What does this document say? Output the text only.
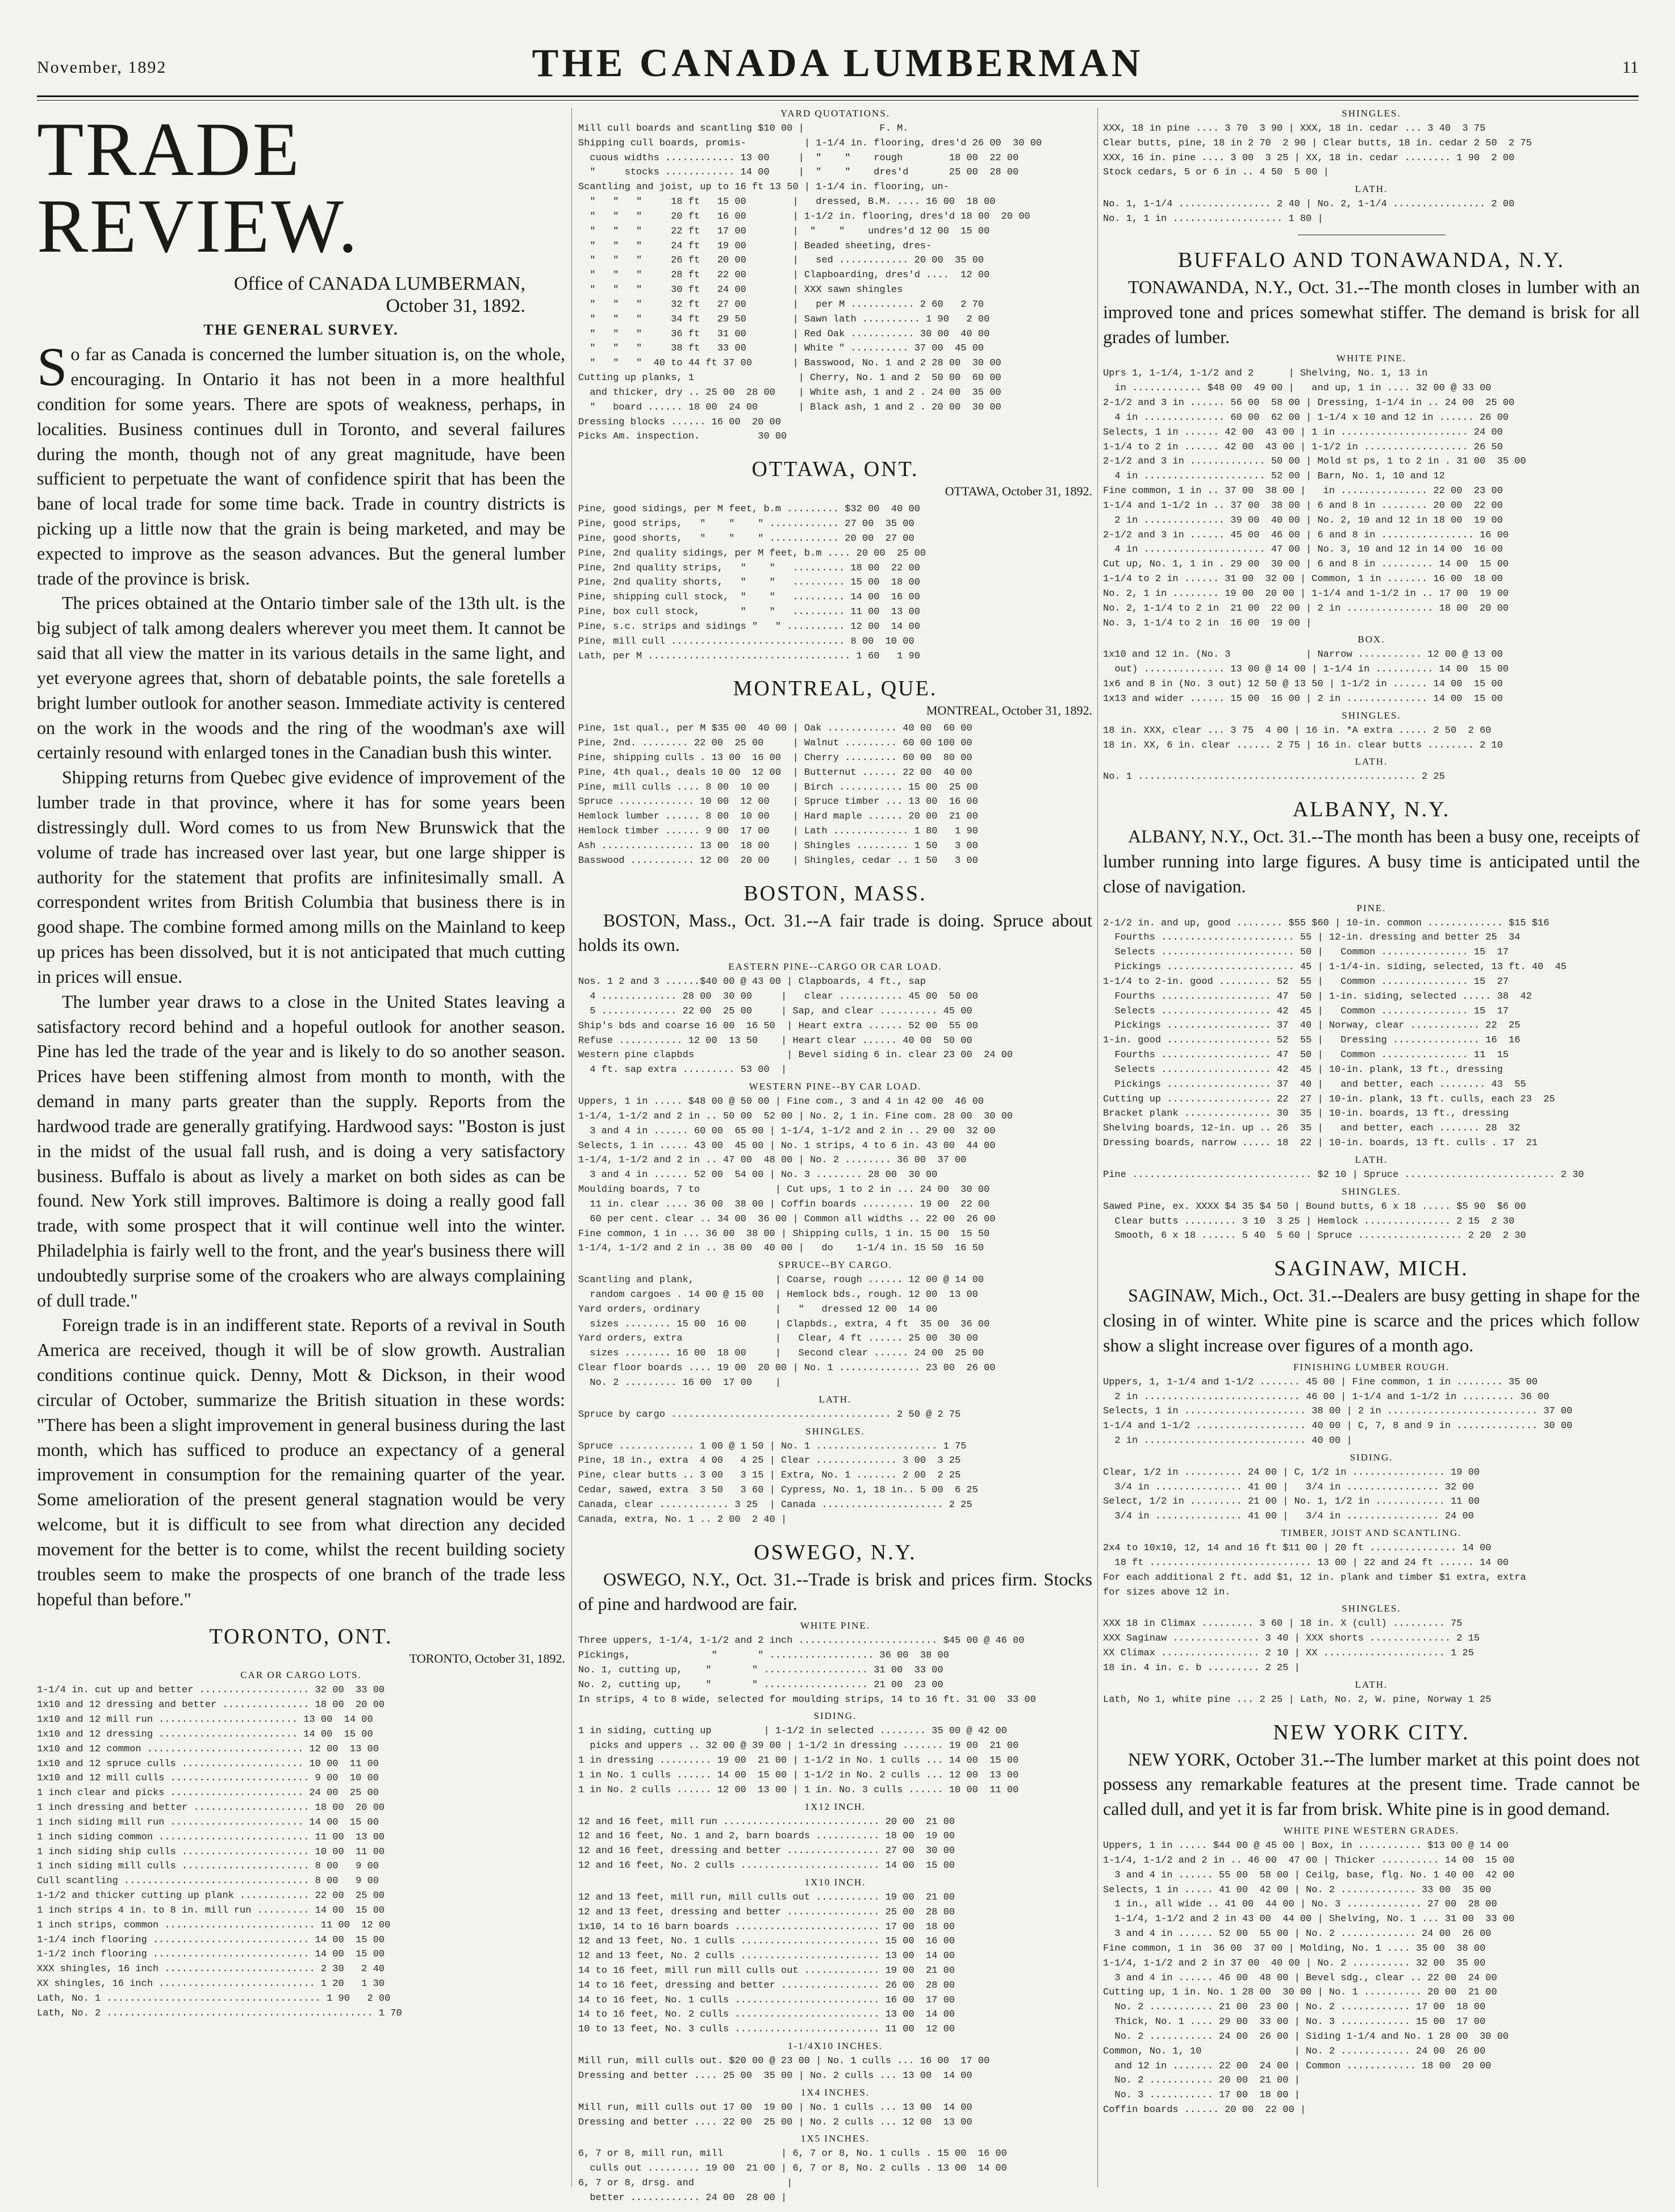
November, 1892	THE CANADA LUMBERMAN	11
TRADE REVIEW.
Office of CANADA LUMBERMAN,
October 31, 1892.
THE GENERAL SURVEY.

So far as Canada is concerned the lumber situation is, on the whole, encouraging. In Ontario it has not been in a more healthful condition for some years. There are spots of weakness, perhaps, in localities. Business continues dull in Toronto, and several failures during the month, though not of any great magnitude, have been sufficient to perpetuate the want of confidence spirit that has been the bane of local trade for some time back. Trade in country districts is picking up a little now that the grain is being marketed, and may be expected to improve as the season advances. But the general lumber trade of the province is brisk.

The prices obtained at the Ontario timber sale of the 13th ult. is the big subject of talk among dealers wherever you meet them. It cannot be said that all view the matter in its various details in the same light, and yet everyone agrees that, shorn of debatable points, the sale foretells a bright lumber outlook for another season. Immediate activity is centered on the work in the woods and the ring of the woodman's axe will certainly resound with enlarged tones in the Canadian bush this winter.

Shipping returns from Quebec give evidence of improvement of the lumber trade in that province, where it has for some years been distressingly dull. Word comes to us from New Brunswick that the volume of trade has increased over last year, but one large shipper is authority for the statement that profits are infinitesimally small. A correspondent writes from British Columbia that business there is in good shape. The combine formed among mills on the Mainland to keep up prices has been dissolved, but it is not anticipated that much cutting in prices will ensue.

The lumber year draws to a close in the United States leaving a satisfactory record behind and a hopeful outlook for another season. Pine has led the trade of the year and is likely to do so another season. Prices have been stiffening almost from month to month, with the demand in many parts greater than the supply. Reports from the hardwood trade are generally gratifying. Hardwood says: "Boston is just in the midst of the usual fall rush, and is doing a very satisfactory business. Buffalo is about as lively a market on both sides as can be found. New York still improves. Baltimore is doing a really good fall trade, with some prospect that it will continue well into the winter. Philadelphia is fairly well to the front, and the year's business there will undoubtedly surprise some of the croakers who are always complaining of dull trade."

Foreign trade is in an indifferent state. Reports of a revival in South America are received, though it will be of slow growth. Australian conditions continue quick. Denny, Mott & Dickson, in their wood circular of October, summarize the British situation in these words: "There has been a slight improvement in general business during the last month, which has sufficed to produce an expectancy of a general improvement in consumption for the remaining quarter of the year. Some amelioration of the present general stagnation would be very welcome, but it is difficult to see from what direction any decided movement for the better is to come, whilst the recent building society troubles seem to make the prospects of one branch of the trade less hopeful than before."

TORONTO, ONT.
TORONTO, October 31, 1892.
CAR OR CARGO LOTS.
1-1/4 in. cut up and better ................... 32 00  33 00
1x10 and 12 dressing and better ............... 18 00  20 00
1x10 and 12 mill run ........................ 13 00  14 00
1x10 and 12 dressing ........................ 14 00  15 00
1x10 and 12 common ........................... 12 00  13 00
1x10 and 12 spruce culls ..................... 10 00  11 00
1x10 and 12 mill culls ........................ 9 00  10 00
1 inch clear and picks ....................... 24 00  25 00
1 inch dressing and better .................... 18 00  20 00
1 inch siding mill run ....................... 14 00  15 00
1 inch siding common .......................... 11 00  13 00
1 inch siding ship culls ...................... 10 00  11 00
1 inch siding mill culls ...................... 8 00   9 00
Cull scantling ................................ 8 00   9 00
1-1/2 and thicker cutting up plank ............ 22 00  25 00
1 inch strips 4 in. to 8 in. mill run ......... 14 00  15 00
1 inch strips, common .......................... 11 00  12 00
1-1/4 inch flooring ........................... 14 00  15 00
1-1/2 inch flooring ........................... 14 00  15 00
XXX shingles, 16 inch .......................... 2 30   2 40
XX shingles, 16 inch ........................... 1 20   1 30
Lath, No. 1 ..................................... 1 90   2 00
Lath, No. 2 .............................................. 1 70
YARD QUOTATIONS.
Mill cull boards and scantling $10 00 |             F. M.
Shipping cull boards, promis-          | 1-1/4 in. flooring, dres'd 26 00  30 00
cuous widths ............ 13 00     |  "    "    rough        18 00  22 00
"     stocks ............ 14 00     |  "    "    dres'd       25 00  28 00
Scantling and joist, up to 16 ft 13 50 | 1-1/4 in. flooring, un-
"   "   "     18 ft   15 00        |   dressed, B.M. .... 16 00  18 00
"   "   "     20 ft   16 00        | 1-1/2 in. flooring, dres'd 18 00  20 00
"   "   "     22 ft   17 00        |  "    "    undres'd 12 00  15 00
"   "   "     24 ft   19 00        | Beaded sheeting, dres-
"   "   "     26 ft   20 00        |   sed ............ 20 00  35 00
"   "   "     28 ft   22 00        | Clapboarding, dres'd ....  12 00
"   "   "     30 ft   24 00        | XXX sawn shingles
"   "   "     32 ft   27 00        |   per M ........... 2 60   2 70
"   "   "     34 ft   29 50        | Sawn lath .......... 1 90   2 00
"   "   "     36 ft   31 00        | Red Oak ........... 30 00  40 00
"   "   "     38 ft   33 00        | White " .......... 37 00  45 00
"   "   "  40 to 44 ft 37 00       | Basswood, No. 1 and 2 28 00  30 00
Cutting up planks, 1                  | Cherry, No. 1 and 2  50 00  60 00
and thicker, dry .. 25 00  28 00    | White ash, 1 and 2 . 24 00  35 00
"   board ...... 18 00  24 00       | Black ash, 1 and 2 . 20 00  30 00
Dressing blocks ...... 16 00  20 00
Picks Am. inspection.          30 00
OTTAWA, ONT.
OTTAWA, October 31, 1892.
Pine, good sidings, per M feet, b.m ......... $32 00  40 00
Pine, good strips,   "    "    " ............ 27 00  35 00
Pine, good shorts,   "    "    " ............ 20 00  27 00
Pine, 2nd quality sidings, per M feet, b.m .... 20 00  25 00
Pine, 2nd quality strips,   "    "   ......... 18 00  22 00
Pine, 2nd quality shorts,   "    "   ......... 15 00  18 00
Pine, shipping cull stock,  "    "   ......... 14 00  16 00
Pine, box cull stock,       "    "   ......... 11 00  13 00
Pine, s.c. strips and sidings "   " .......... 12 00  14 00
Pine, mill cull .............................. 8 00  10 00
Lath, per M ................................... 1 60   1 90
MONTREAL, QUE.
MONTREAL, October 31, 1892.
Pine, 1st qual., per M $35 00  40 00 | Oak ............ 40 00  60 00
Pine, 2nd. ........ 22 00  25 00     | Walnut ......... 60 00 100 00
Pine, shipping culls . 13 00  16 00  | Cherry ......... 60 00  80 00
Pine, 4th qual., deals 10 00  12 00  | Butternut ...... 22 00  40 00
Pine, mill culls .... 8 00  10 00    | Birch ........... 15 00  25 00
Spruce ............. 10 00  12 00    | Spruce timber ... 13 00  16 00
Hemlock lumber ...... 8 00  10 00    | Hard maple ...... 20 00  21 00
Hemlock timber ...... 9 00  17 00    | Lath ............. 1 80   1 90
Ash ................ 13 00  18 00    | Shingles ......... 1 50   3 00
Basswood ........... 12 00  20 00    | Shingles, cedar .. 1 50   3 00
BOSTON, MASS.

BOSTON, Mass., Oct. 31.--A fair trade is doing. Spruce about holds its own.

EASTERN PINE--CARGO OR CAR LOAD.
Nos. 1 2 and 3 ......$40 00 @ 43 00 | Clapboards, 4 ft., sap
4 ............. 28 00  30 00     |   clear ........... 45 00  50 00
5 ............. 22 00  25 00     | Sap, and clear .......... 45 00
Ship's bds and coarse 16 00  16 50  | Heart extra ...... 52 00  55 00
Refuse ........... 12 00  13 50    | Heart clear ...... 40 00  50 00
Western pine clapbds                | Bevel siding 6 in. clear 23 00  24 00
4 ft. sap extra ......... 53 00  |
WESTERN PINE--BY CAR LOAD.
Uppers, 1 in ..... $48 00 @ 50 00 | Fine com., 3 and 4 in 42 00  46 00
1-1/4, 1-1/2 and 2 in .. 50 00  52 00 | No. 2, 1 in. Fine com. 28 00  30 00
3 and 4 in ...... 60 00  65 00 | 1-1/4, 1-1/2 and 2 in .. 29 00  32 00
Selects, 1 in ..... 43 00  45 00 | No. 1 strips, 4 to 6 in. 43 00  44 00
1-1/4, 1-1/2 and 2 in .. 47 00  48 00 | No. 2 ........ 36 00  37 00
3 and 4 in ...... 52 00  54 00 | No. 3 ........ 28 00  30 00
Moulding boards, 7 to             | Cut ups, 1 to 2 in ... 24 00  30 00
11 in. clear .... 36 00  38 00 | Coffin boards ......... 19 00  22 00
60 per cent. clear .. 34 00  36 00 | Common all widths .. 22 00  26 00
Fine common, 1 in ... 36 00  38 00 | Shipping culls, 1 in. 15 00  15 50
1-1/4, 1-1/2 and 2 in .. 38 00  40 00 |   do    1-1/4 in. 15 50  16 50
SPRUCE--BY CARGO.
Scantling and plank,              | Coarse, rough ...... 12 00 @ 14 00
random cargoes . 14 00 @ 15 00  | Hemlock bds., rough. 12 00  13 00
Yard orders, ordinary             |   "   dressed 12 00  14 00
sizes ........ 15 00  16 00     | Clapbds., extra, 4 ft  35 00  36 00
Yard orders, extra                |   Clear, 4 ft ...... 25 00  30 00
sizes ........ 16 00  18 00     |   Second clear ...... 24 00  25 00
Clear floor boards .... 19 00  20 00 | No. 1 .............. 23 00  26 00
No. 2 ......... 16 00  17 00    |
LATH.
Spruce by cargo ...................................... 2 50 @ 2 75
SHINGLES.
Spruce ............. 1 00 @ 1 50 | No. 1 ..................... 1 75
Pine, 18 in., extra  4 00   4 25 | Clear .............. 3 00  3 25
Pine, clear butts .. 3 00   3 15 | Extra, No. 1 ....... 2 00  2 25
Cedar, sawed, extra  3 50   3 60 | Cypress, No. 1, 18 in.. 5 00  6 25
Canada, clear ............ 3 25  | Canada ..................... 2 25
Canada, extra, No. 1 .. 2 00  2 40 |
OSWEGO, N.Y.

OSWEGO, N.Y., Oct. 31.--Trade is brisk and prices firm. Stocks of pine and hardwood are fair.

WHITE PINE.
Three uppers, 1-1/4, 1-1/2 and 2 inch ........................ $45 00 @ 46 00
Pickings,              "       " .................. 36 00  38 00
No. 1, cutting up,    "       " .................. 31 00  33 00
No. 2, cutting up,    "       " .................. 21 00  23 00
In strips, 4 to 8 wide, selected for moulding strips, 14 to 16 ft. 31 00  33 00
SIDING.
1 in siding, cutting up         | 1-1/2 in selected ........ 35 00 @ 42 00
picks and uppers .. 32 00 @ 39 00 | 1-1/2 in dressing ....... 19 00  21 00
1 in dressing ......... 19 00  21 00 | 1-1/2 in No. 1 culls ... 14 00  15 00
1 in No. 1 culls ...... 14 00  15 00 | 1-1/2 in No. 2 culls ... 12 00  13 00
1 in No. 2 culls ...... 12 00  13 00 | 1 in. No. 3 culls ...... 10 00  11 00
1X12 INCH.
12 and 16 feet, mill run ........................... 20 00  21 00
12 and 16 feet, No. 1 and 2, barn boards ........... 18 00  19 00
12 and 16 feet, dressing and better ................ 27 00  30 00
12 and 16 feet, No. 2 culls ........................ 14 00  15 00
1X10 INCH.
12 and 13 feet, mill run, mill culls out ........... 19 00  21 00
12 and 13 feet, dressing and better ................ 25 00  28 00
1x10, 14 to 16 barn boards ......................... 17 00  18 00
12 and 13 feet, No. 1 culls ........................ 15 00  16 00
12 and 13 feet, No. 2 culls ........................ 13 00  14 00
14 to 16 feet, mill run mill culls out ............. 19 00  21 00
14 to 16 feet, dressing and better ................. 26 00  28 00
14 to 16 feet, No. 1 culls ......................... 16 00  17 00
14 to 16 feet, No. 2 culls ......................... 13 00  14 00
10 to 13 feet, No. 3 culls ......................... 11 00  12 00
1-1/4X10 INCHES.
Mill run, mill culls out. $20 00 @ 23 00 | No. 1 culls ... 16 00  17 00
Dressing and better .... 25 00  35 00 | No. 2 culls ... 13 00  14 00
1X4 INCHES.
Mill run, mill culls out 17 00  19 00 | No. 1 culls ... 13 00  14 00
Dressing and better .... 22 00  25 00 | No. 2 culls ... 12 00  13 00
1X5 INCHES.
6, 7 or 8, mill run, mill          | 6, 7 or 8, No. 1 culls . 15 00  16 00
culls out ......... 19 00  21 00 | 6, 7 or 8, No. 2 culls . 13 00  14 00
6, 7 or 8, drsg. and                |
better ............ 24 00  28 00 |
SHINGLES.
XXX, 18 in pine .... 3 70  3 90 | XXX, 18 in. cedar ... 3 40  3 75
Clear butts, pine, 18 in 2 70  2 90 | Clear butts, 18 in. cedar 2 50  2 75
XXX, 16 in. pine .... 3 00  3 25 | XX, 18 in. cedar ........ 1 90  2 00
Stock cedars, 5 or 6 in .. 4 50  5 00 |
LATH.
No. 1, 1-1/4 ................ 2 40 | No. 2, 1-1/4 ................ 2 00
No. 1, 1 in ................... 1 80 |
BUFFALO AND TONAWANDA, N.Y.

TONAWANDA, N.Y., Oct. 31.--The month closes in lumber with an improved tone and prices somewhat stiffer. The demand is brisk for all grades of lumber.

WHITE PINE.
Uprs 1, 1-1/4, 1-1/2 and 2      | Shelving, No. 1, 13 in
in ............ $48 00  49 00 |   and up, 1 in .... 32 00 @ 33 00
2-1/2 and 3 in ...... 56 00  58 00 | Dressing, 1-1/4 in .. 24 00  25 00
4 in .............. 60 00  62 00 | 1-1/4 x 10 and 12 in ...... 26 00
Selects, 1 in ...... 42 00  43 00 | 1 in ...................... 24 00
1-1/4 to 2 in ...... 42 00  43 00 | 1-1/2 in .................. 26 50
2-1/2 and 3 in ............. 50 00 | Mold st ps, 1 to 2 in . 31 00  35 00
4 in ..................... 52 00 | Barn, No. 1, 10 and 12
Fine common, 1 in .. 37 00  38 00 |   in ............... 22 00  23 00
1-1/4 and 1-1/2 in .. 37 00  38 00 | 6 and 8 in ........ 20 00  22 00
2 in .............. 39 00  40 00 | No. 2, 10 and 12 in 18 00  19 00
2-1/2 and 3 in ...... 45 00  46 00 | 6 and 8 in ................ 16 00
4 in ..................... 47 00 | No. 3, 10 and 12 in 14 00  16 00
Cut up, No. 1, 1 in . 29 00  30 00 | 6 and 8 in ......... 14 00  15 00
1-1/4 to 2 in ...... 31 00  32 00 | Common, 1 in ....... 16 00  18 00
No. 2, 1 in ........ 19 00  20 00 | 1-1/4 and 1-1/2 in .. 17 00  19 00
No. 2, 1-1/4 to 2 in  21 00  22 00 | 2 in ............... 18 00  20 00
No. 3, 1-1/4 to 2 in  16 00  19 00 |
BOX.
1x10 and 12 in. (No. 3             | Narrow ........... 12 00 @ 13 00
out) .............. 13 00 @ 14 00 | 1-1/4 in .......... 14 00  15 00
1x6 and 8 in (No. 3 out) 12 50 @ 13 50 | 1-1/2 in ...... 14 00  15 00
1x13 and wider ...... 15 00  16 00 | 2 in .............. 14 00  15 00
SHINGLES.
18 in. XXX, clear ... 3 75  4 00 | 16 in. *A extra ..... 2 50  2 60
18 in. XX, 6 in. clear ...... 2 75 | 16 in. clear butts ........ 2 10
LATH.
No. 1 ................................................ 2 25
ALBANY, N.Y.

ALBANY, N.Y., Oct. 31.--The month has been a busy one, receipts of lumber running into large figures. A busy time is anticipated until the close of navigation.

PINE.
2-1/2 in. and up, good ........ $55 $60 | 10-in. common ............. $15 $16
Fourths ....................... 55 | 12-in. dressing and better 25  34
Selects ....................... 50 |   Common ............... 15  17
Pickings ...................... 45 | 1-1/4-in. siding, selected, 13 ft. 40  45
1-1/4 to 2-in. good ......... 52  55 |   Common ............... 15  27
Fourths ................... 47  50 | 1-in. siding, selected ..... 38  42
Selects ................... 42  45 |   Common ............... 15  17
Pickings .................. 37  40 | Norway, clear ............ 22  25
1-in. good .................. 52  55 |   Dressing ............... 16  16
Fourths ................... 47  50 |   Common ............... 11  15
Selects ................... 42  45 | 10-in. plank, 13 ft., dressing
Pickings .................. 37  40 |   and better, each ........ 43  55
Cutting up .................. 22  27 | 10-in. plank, 13 ft. culls, each 23  25
Bracket plank ............... 30  35 | 10-in. boards, 13 ft., dressing
Shelving boards, 12-in. up .. 26  35 |   and better, each ....... 28  32
Dressing boards, narrow ..... 18  22 | 10-in. boards, 13 ft. culls . 17  21
LATH.
Pine ............................... $2 10 | Spruce .......................... 2 30
SHINGLES.
Sawed Pine, ex. XXXX $4 35 $4 50 | Bound butts, 6 x 18 ..... $5 90  $6 00
Clear butts ......... 3 10  3 25 | Hemlock ............... 2 15  2 30
Smooth, 6 x 18 ...... 5 40  5 60 | Spruce .................. 2 20  2 30
SAGINAW, MICH.

SAGINAW, Mich., Oct. 31.--Dealers are busy getting in shape for the closing in of winter. White pine is scarce and the prices which follow show a slight increase over figures of a month ago.

FINISHING LUMBER ROUGH.
Uppers, 1, 1-1/4 and 1-1/2 ....... 45 00 | Fine common, 1 in ........ 35 00
2 in ........................... 46 00 | 1-1/4 and 1-1/2 in ......... 36 00
Selects, 1 in ..................... 38 00 | 2 in .......................... 37 00
1-1/4 and 1-1/2 ................... 40 00 | C, 7, 8 and 9 in .............. 30 00
2 in ............................ 40 00 |
SIDING.
Clear, 1/2 in .......... 24 00 | C, 1/2 in ................ 19 00
3/4 in ............... 41 00 |   3/4 in ................ 32 00
Select, 1/2 in ......... 21 00 | No. 1, 1/2 in ............ 11 00
3/4 in ............... 41 00 |   3/4 in ................ 24 00
TIMBER, JOIST AND SCANTLING.
2x4 to 10x10, 12, 14 and 16 ft $11 00 | 20 ft ............... 14 00
18 ft ............................ 13 00 | 22 and 24 ft ...... 14 00
For each additional 2 ft. add $1, 12 in. plank and timber $1 extra, extra
for sizes above 12 in.
SHINGLES.
XXX 18 in Climax ......... 3 60 | 18 in. X (cull) ......... 75
XXX Saginaw ............... 3 40 | XXX shorts .............. 2 15
XX Climax ................. 2 10 | XX ..................... 1 25
18 in. 4 in. c. b ......... 2 25 |
LATH.
Lath, No 1, white pine ... 2 25 | Lath, No. 2, W. pine, Norway 1 25
NEW YORK CITY.

NEW YORK, October 31.--The lumber market at this point does not possess any remarkable features at the present time. Trade cannot be called dull, and yet it is far from brisk. White pine is in good demand.

WHITE PINE WESTERN GRADES.
Uppers, 1 in ..... $44 00 @ 45 00 | Box, in ........... $13 00 @ 14 00
1-1/4, 1-1/2 and 2 in .. 46 00  47 00 | Thicker .......... 14 00  15 00
3 and 4 in ...... 55 00  58 00 | Ceilg, base, flg. No. 1 40 00  42 00
Selects, 1 in ..... 41 00  42 00 | No. 2 ............. 33 00  35 00
1 in., all wide .. 41 00  44 00 | No. 3 ............. 27 00  28 00
1-1/4, 1-1/2 and 2 in 43 00  44 00 | Shelving, No. 1 ... 31 00  33 00
3 and 4 in ...... 52 00  55 00 | No. 2 ............. 24 00  26 00
Fine common, 1 in  36 00  37 00 | Molding, No. 1 .... 35 00  38 00
1-1/4, 1-1/2 and 2 in 37 00  40 00 | No. 2 .......... 32 00  35 00
3 and 4 in ...... 46 00  48 00 | Bevel sdg., clear .. 22 00  24 00
Cutting up, 1 in. No. 1 28 00  30 00 | No. 1 .......... 20 00  21 00
No. 2 ........... 21 00  23 00 | No. 2 ............ 17 00  18 00
Thick, No. 1 .... 29 00  33 00 | No. 3 ............ 15 00  17 00
No. 2 ........... 24 00  26 00 | Siding 1-1/4 and No. 1 28 00  30 00
Common, No. 1, 10                | No. 2 ............ 24 00  26 00
and 12 in ....... 22 00  24 00 | Common ............ 18 00  20 00
No. 2 ........... 20 00  21 00 |
No. 3 ........... 17 00  18 00 |
Coffin boards ...... 20 00  22 00 |
